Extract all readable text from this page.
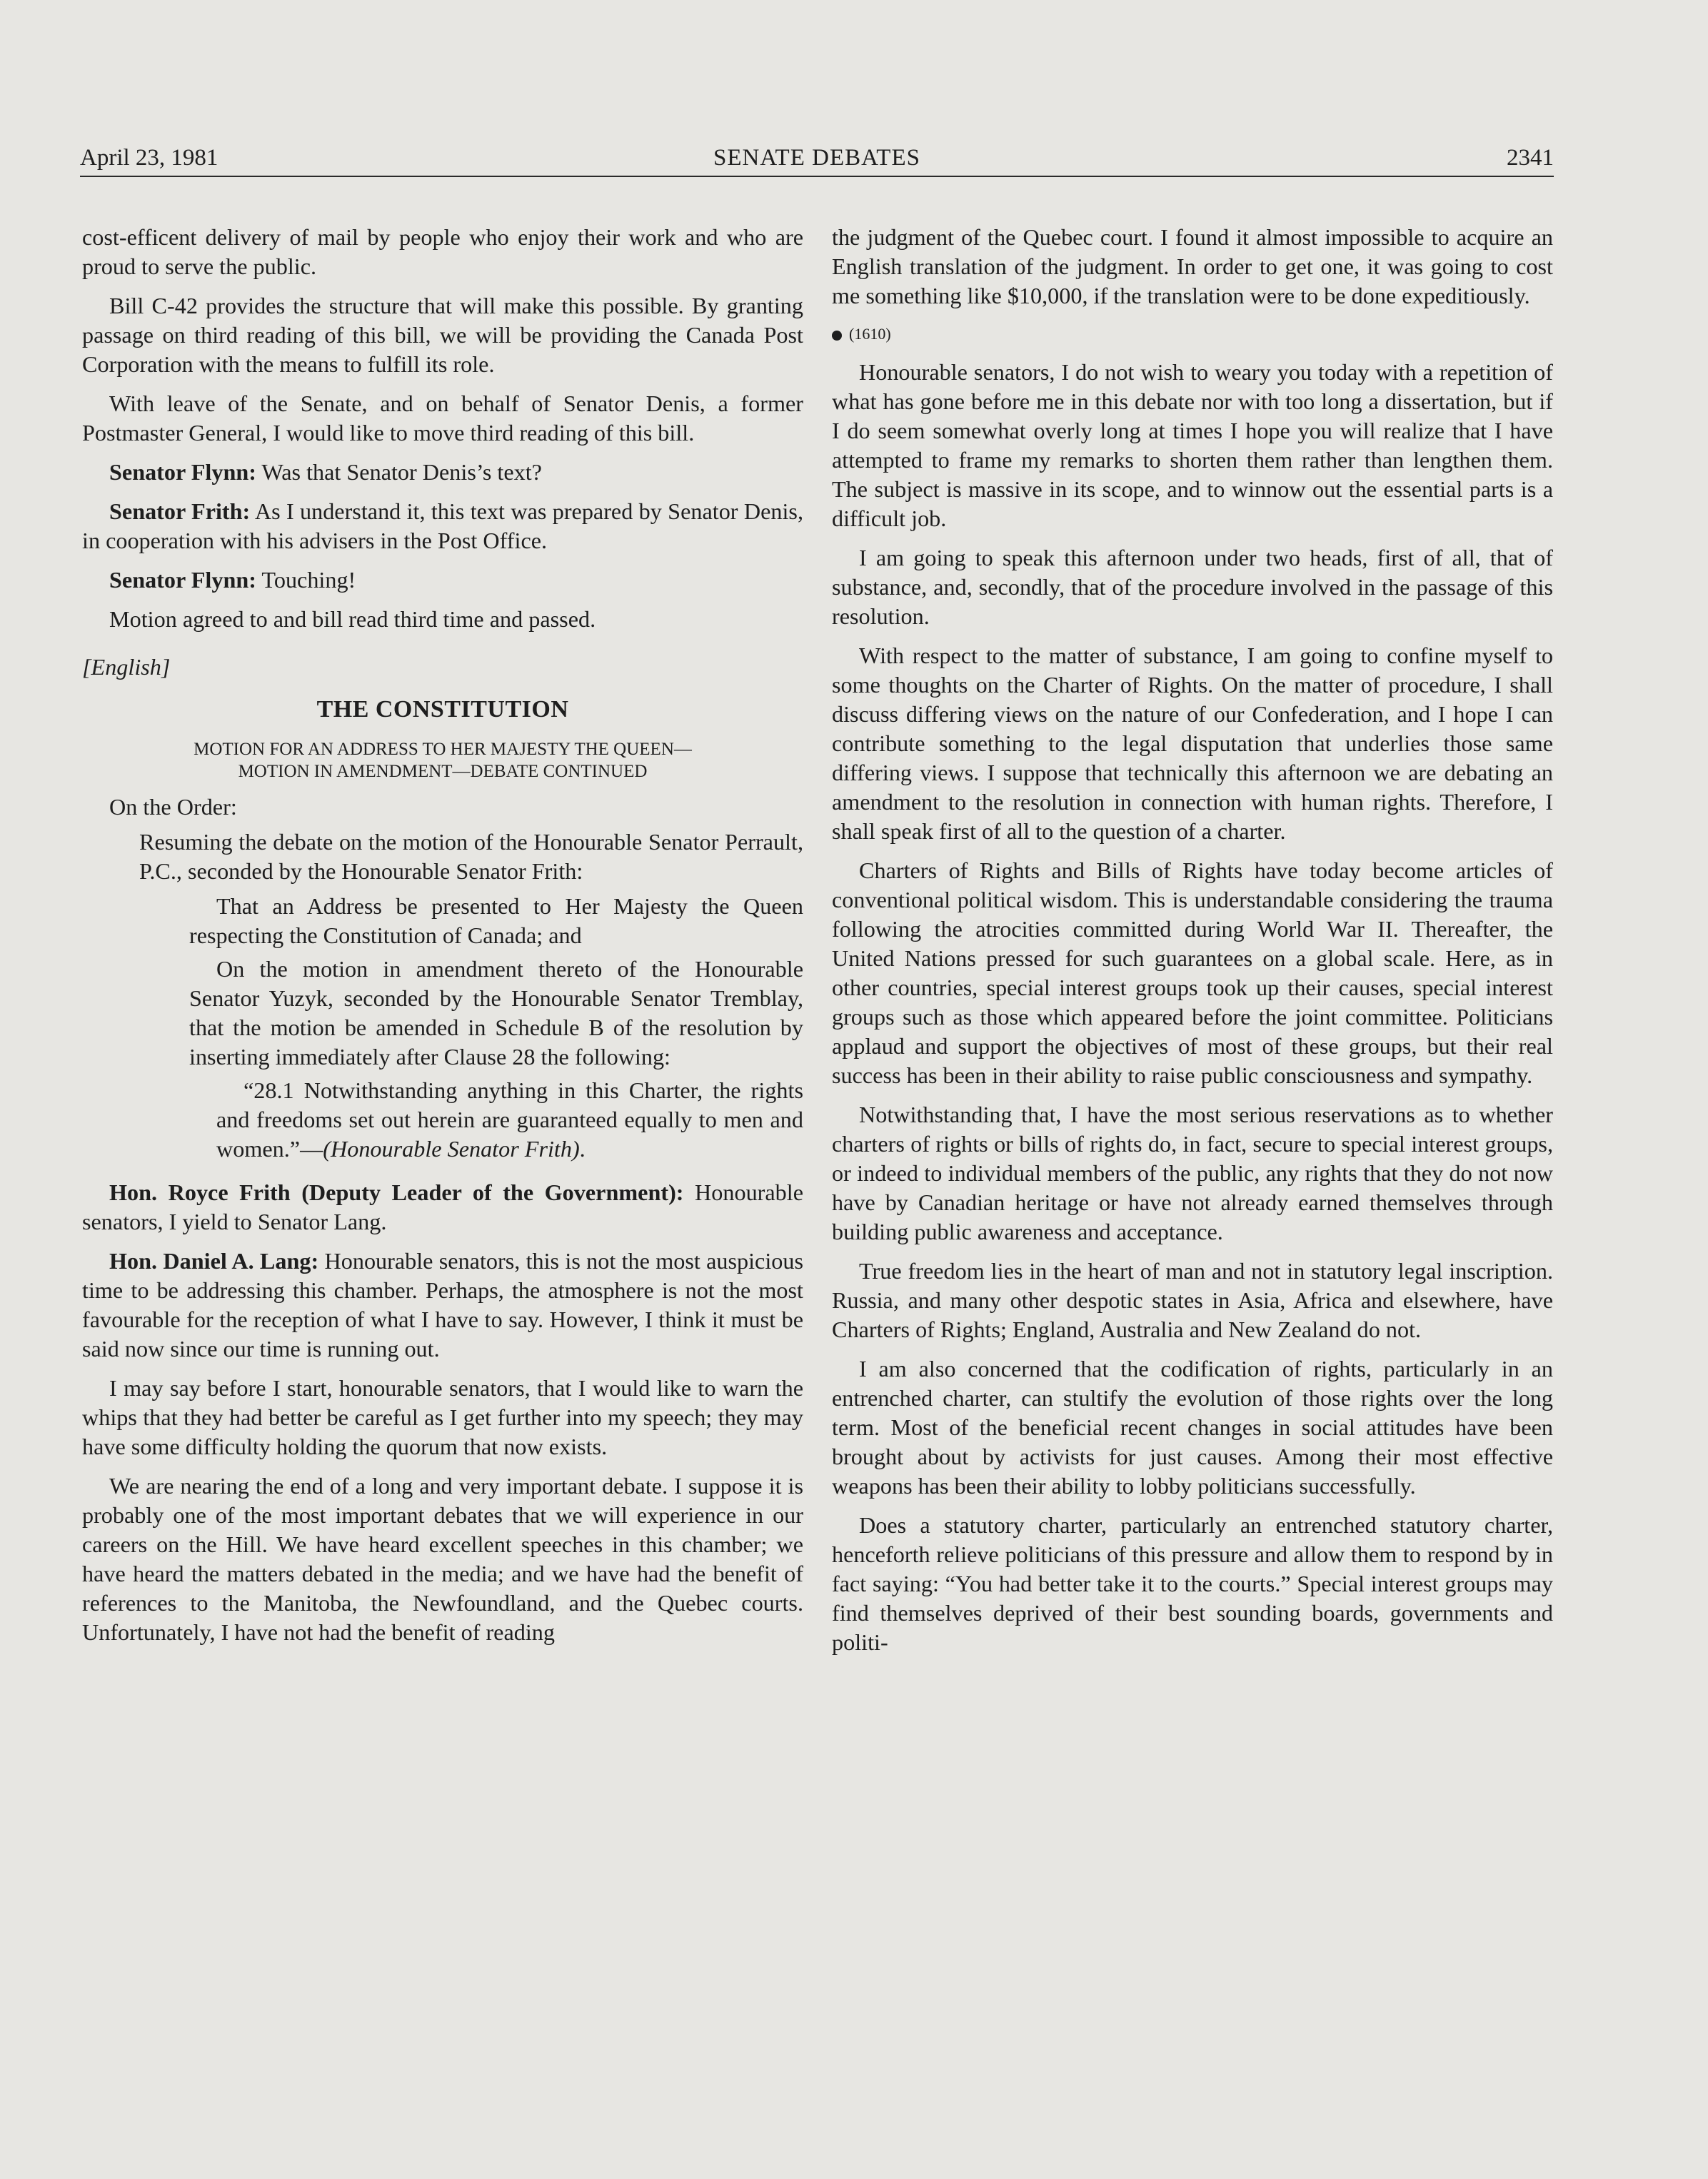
April 23, 1981	SENATE DEBATES	2341

cost-efficent delivery of mail by people who enjoy their work and who are proud to serve the public.

Bill C-42 provides the structure that will make this possible. By granting passage on third reading of this bill, we will be providing the Canada Post Corporation with the means to fulfill its role.

With leave of the Senate, and on behalf of Senator Denis, a former Postmaster General, I would like to move third reading of this bill.

Senator Flynn: Was that Senator Denis’s text?

Senator Frith: As I understand it, this text was prepared by Senator Denis, in cooperation with his advisers in the Post Office.

Senator Flynn: Touching!

Motion agreed to and bill read third time and passed.

[English]

THE CONSTITUTION
MOTION FOR AN ADDRESS TO HER MAJESTY THE QUEEN—
MOTION IN AMENDMENT—DEBATE CONTINUED

On the Order:

Resuming the debate on the motion of the Honourable Senator Perrault, P.C., seconded by the Honourable Senator Frith:

That an Address be presented to Her Majesty the Queen respecting the Constitution of Canada; and

On the motion in amendment thereto of the Honourable Senator Yuzyk, seconded by the Honourable Senator Tremblay, that the motion be amended in Schedule B of the resolution by inserting immediately after Clause 28 the following:

“28.1 Notwithstanding anything in this Charter, the rights and freedoms set out herein are guaranteed equally to men and women.”—(Honourable Senator Frith).

Hon. Royce Frith (Deputy Leader of the Government): Honourable senators, I yield to Senator Lang.

Hon. Daniel A. Lang: Honourable senators, this is not the most auspicious time to be addressing this chamber. Perhaps, the atmosphere is not the most favourable for the reception of what I have to say. However, I think it must be said now since our time is running out.

I may say before I start, honourable senators, that I would like to warn the whips that they had better be careful as I get further into my speech; they may have some difficulty holding the quorum that now exists.

We are nearing the end of a long and very important debate. I suppose it is probably one of the most important debates that we will experience in our careers on the Hill. We have heard excellent speeches in this chamber; we have heard the matters debated in the media; and we have had the benefit of references to the Manitoba, the Newfoundland, and the Quebec courts. Unfortunately, I have not had the benefit of reading

the judgment of the Quebec court. I found it almost impossible to acquire an English translation of the judgment. In order to get one, it was going to cost me something like $10,000, if the translation were to be done expeditiously.

(1610)

Honourable senators, I do not wish to weary you today with a repetition of what has gone before me in this debate nor with too long a dissertation, but if I do seem somewhat overly long at times I hope you will realize that I have attempted to frame my remarks to shorten them rather than lengthen them. The subject is massive in its scope, and to winnow out the essential parts is a difficult job.

I am going to speak this afternoon under two heads, first of all, that of substance, and, secondly, that of the procedure involved in the passage of this resolution.

With respect to the matter of substance, I am going to confine myself to some thoughts on the Charter of Rights. On the matter of procedure, I shall discuss differing views on the nature of our Confederation, and I hope I can contribute something to the legal disputation that underlies those same differing views. I suppose that technically this afternoon we are debating an amendment to the resolution in connection with human rights. Therefore, I shall speak first of all to the question of a charter.

Charters of Rights and Bills of Rights have today become articles of conventional political wisdom. This is understandable considering the trauma following the atrocities committed during World War II. Thereafter, the United Nations pressed for such guarantees on a global scale. Here, as in other countries, special interest groups took up their causes, special interest groups such as those which appeared before the joint committee. Politicians applaud and support the objectives of most of these groups, but their real success has been in their ability to raise public consciousness and sympathy.

Notwithstanding that, I have the most serious reservations as to whether charters of rights or bills of rights do, in fact, secure to special interest groups, or indeed to individual members of the public, any rights that they do not now have by Canadian heritage or have not already earned themselves through building public awareness and acceptance.

True freedom lies in the heart of man and not in statutory legal inscription. Russia, and many other despotic states in Asia, Africa and elsewhere, have Charters of Rights; England, Australia and New Zealand do not.

I am also concerned that the codification of rights, particularly in an entrenched charter, can stultify the evolution of those rights over the long term. Most of the beneficial recent changes in social attitudes have been brought about by activists for just causes. Among their most effective weapons has been their ability to lobby politicians successfully.

Does a statutory charter, particularly an entrenched statutory charter, henceforth relieve politicians of this pressure and allow them to respond by in fact saying: “You had better take it to the courts.” Special interest groups may find themselves deprived of their best sounding boards, governments and politi-
